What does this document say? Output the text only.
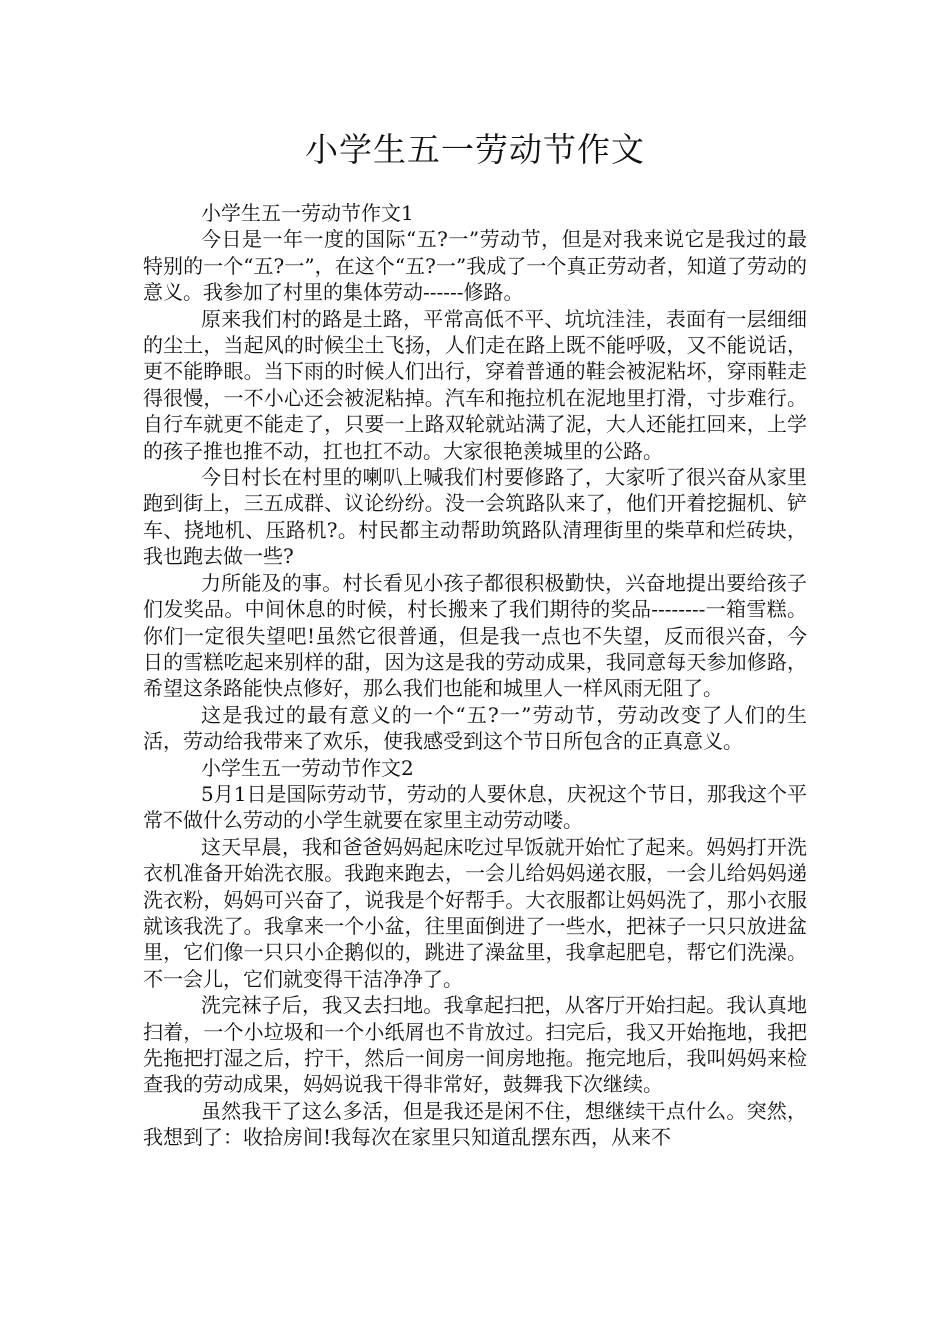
小学生五一劳动节作文

小学生五一劳动节作文1

今日是一年一度的国际“五?一”劳动节，但是对我来说它是我过的最特别的一个“五?一”，在这个“五?一”我成了一个真正劳动者，知道了劳动的意义。我参加了村里的集体劳动------修路。

原来我们村的路是土路，平常高低不平、坑坑洼洼，表面有一层细细的尘土，当起风的时候尘土飞扬，人们走在路上既不能呼吸，又不能说话，更不能睁眼。当下雨的时候人们出行，穿着普通的鞋会被泥粘坏，穿雨鞋走得很慢，一不小心还会被泥粘掉。汽车和拖拉机在泥地里打滑，寸步难行。自行车就更不能走了，只要一上路双轮就站满了泥，大人还能扛回来，上学的孩子推也推不动，扛也扛不动。大家很艳羡城里的公路。

今日村长在村里的喇叭上喊我们村要修路了，大家听了很兴奋从家里跑到街上，三五成群、议论纷纷。没一会筑路队来了，他们开着挖掘机、铲车、挠地机、压路机?。村民都主动帮助筑路队清理街里的柴草和烂砖块，我也跑去做一些?

力所能及的事。村长看见小孩子都很积极勤快，兴奋地提出要给孩子们发奖品。中间休息的时候，村长搬来了我们期待的奖品--------一箱雪糕。你们一定很失望吧!虽然它很普通，但是我一点也不失望，反而很兴奋，今日的雪糕吃起来别样的甜，因为这是我的劳动成果，我同意每天参加修路，希望这条路能快点修好，那么我们也能和城里人一样风雨无阻了。

这是我过的最有意义的一个“五?一”劳动节，劳动改变了人们的生活，劳动给我带来了欢乐，使我感受到这个节日所包含的正真意义。

小学生五一劳动节作文2

5月1日是国际劳动节，劳动的人要休息，庆祝这个节日，那我这个平常不做什么劳动的小学生就要在家里主动劳动喽。

这天早晨，我和爸爸妈妈起床吃过早饭就开始忙了起来。妈妈打开洗衣机准备开始洗衣服。我跑来跑去，一会儿给妈妈递衣服，一会儿给妈妈递洗衣粉，妈妈可兴奋了，说我是个好帮手。大衣服都让妈妈洗了，那小衣服就该我洗了。我拿来一个小盆，往里面倒进了一些水，把袜子一只只放进盆里，它们像一只只小企鹅似的，跳进了澡盆里，我拿起肥皂，帮它们洗澡。不一会儿，它们就变得干洁净净了。

洗完袜子后，我又去扫地。我拿起扫把，从客厅开始扫起。我认真地扫着，一个小垃圾和一个小纸屑也不肯放过。扫完后，我又开始拖地，我把先拖把打湿之后，拧干，然后一间房一间房地拖。拖完地后，我叫妈妈来检查我的劳动成果，妈妈说我干得非常好，鼓舞我下次继续。

虽然我干了这么多活，但是我还是闲不住，想继续干点什么。突然，我想到了：收拾房间!我每次在家里只知道乱摆东西，从来不
